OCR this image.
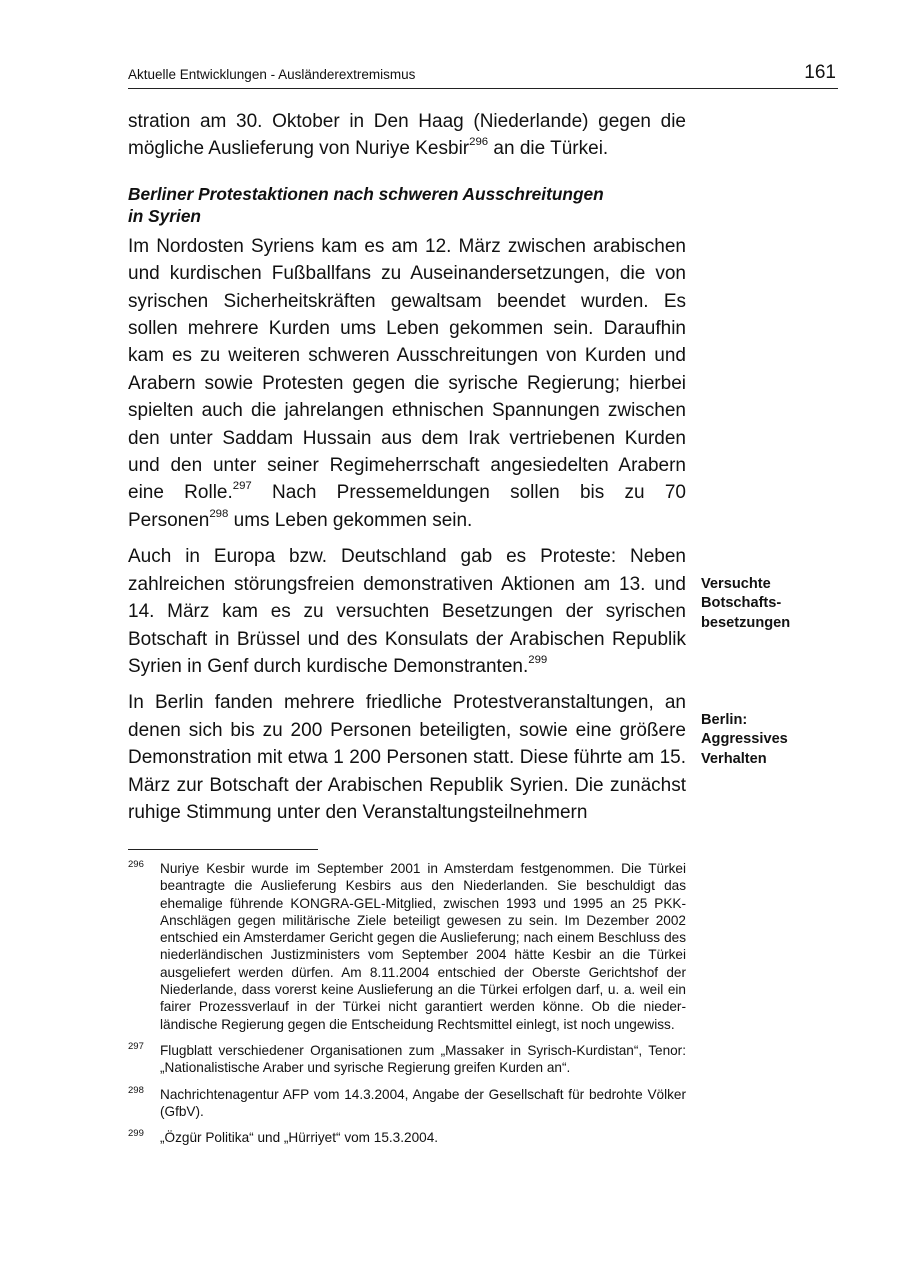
Aktuelle Entwicklungen - Ausländerextremismus	161

stration am 30. Oktober in Den Haag (Niederlande) gegen die mögliche Auslieferung von Nuriye Kesbir$^{296}$ an die Türkei.

Berliner Protestaktionen nach schweren Ausschreitungen
in Syrien

Im Nordosten Syriens kam es am 12. März zwischen arabischen und kurdischen Fußballfans zu Auseinandersetzungen, die von syrischen Sicherheitskräften gewaltsam beendet wurden. Es sollen mehrere Kurden ums Leben gekommen sein. Daraufhin kam es zu weiteren schweren Ausschreitungen von Kurden und Arabern sowie Protesten gegen die syrische Regierung; hierbei spielten auch die jahrelangen ethnischen Spannungen zwischen den unter Saddam Hussain aus dem Irak vertriebenen Kurden und den unter seiner Regimeherrschaft angesiedelten Arabern eine Rolle.$^{297}$ Nach Pressemeldungen sollen bis zu 70 Personen$^{298}$ ums Leben gekommen sein.

Auch in Europa bzw. Deutschland gab es Proteste: Neben zahlreichen störungsfreien demonstrativen Aktionen am 13. und 14. März kam es zu versuchten Besetzungen der syrischen Botschaft in Brüssel und des Konsulats der Arabischen Republik Syrien in Genf durch kurdische Demonstranten.$^{299}$

In Berlin fanden mehrere friedliche Protestveranstaltungen, an denen sich bis zu 200 Personen beteiligten, sowie eine größere Demonstration mit etwa 1 200 Personen statt. Diese führte am 15. März zur Botschaft der Arabischen Republik Syrien. Die zunächst ruhige Stimmung unter den Veranstaltungsteilnehmern

Versuchte
Botschafts-
besetzungen
Berlin:
Aggressives
Verhalten
296 Nuriye Kesbir wurde im September 2001 in Amsterdam festgenommen. Die Türkei beantragte die Auslieferung Kesbirs aus den Niederlanden. Sie beschuldigt das ehemalige führende KONGRA-GEL-Mitglied, zwischen 1993 und 1995 an 25 PKK-Anschlägen gegen militärische Ziele beteiligt gewesen zu sein. Im Dezember 2002 entschied ein Amsterdamer Gericht gegen die Auslieferung; nach einem Beschluss des niederländischen Justizministers vom September 2004 hätte Kesbir an die Türkei ausgeliefert werden dürfen. Am 8.11.2004 entschied der Oberste Gerichtshof der Niederlande, dass vorerst keine Auslieferung an die Türkei erfolgen darf, u. a. weil ein fairer Prozessverlauf in der Türkei nicht garantiert werden könne. Ob die niederländische Regierung gegen die Entscheidung Rechtsmittel einlegt, ist noch ungewiss.
297 Flugblatt verschiedener Organisationen zum „Massaker in Syrisch-Kurdistan“, Tenor: „Nationalistische Araber und syrische Regierung greifen Kurden an“.
298 Nachrichtenagentur AFP vom 14.3.2004, Angabe der Gesellschaft für bedrohte Völker (GfbV).
299 „Özgür Politika“ und „Hürriyet“ vom 15.3.2004.
